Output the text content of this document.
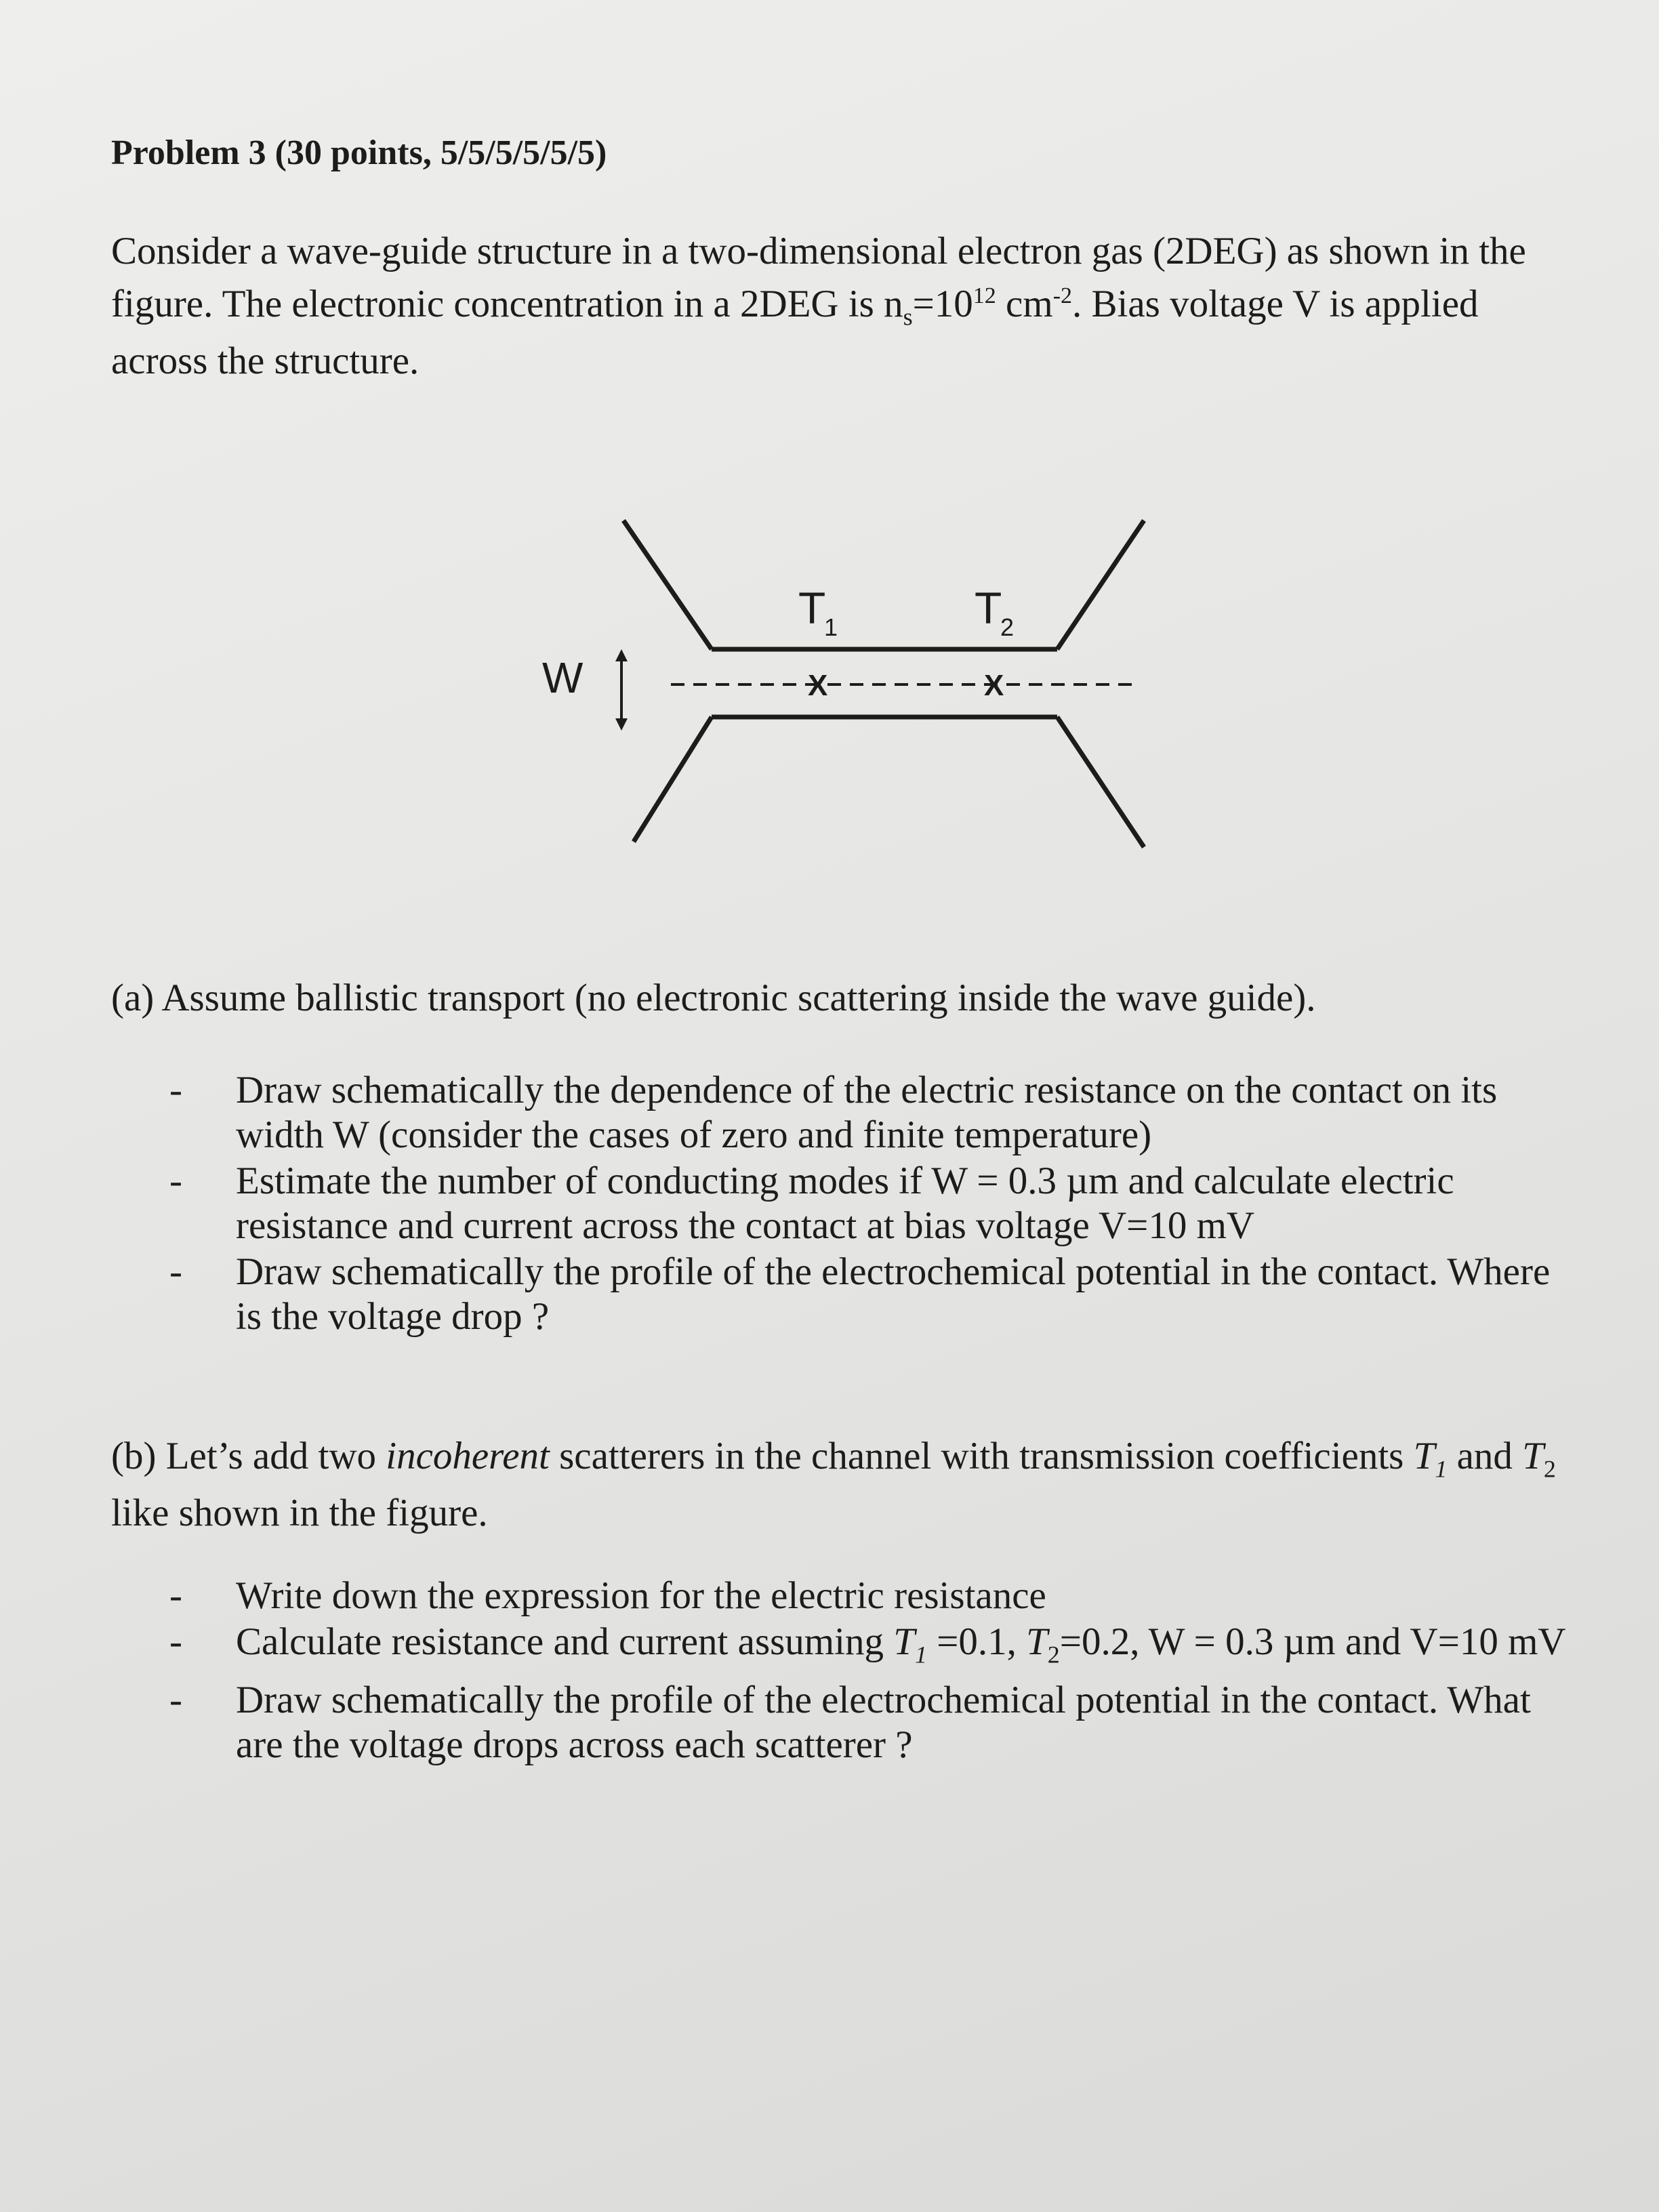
Problem 3 (30 points, 5/5/5/5/5/5)
Consider a wave-guide structure in a two-dimensional electron gas (2DEG) as shown in the
figure. The electronic concentration in a 2DEG is $n_s=10^{12}$ $cm^{-2}$. Bias voltage V is applied
across the structure.
W
T
1	T
2
X	X
(a) Assume ballistic transport (no electronic scattering inside the wave guide).
- Draw schematically the dependence of the electric resistance on the contact on its
width W (consider the cases of zero and finite temperature)
- Estimate the number of conducting modes if W = 0.3 µm and calculate electric
resistance and current across the contact at bias voltage V=10 mV
- Draw schematically the profile of the electrochemical potential in the contact. Where
is the voltage drop ?
(b) Let’s add two incoherent scatterers in the channel with transmission coefficients $T_1$ and $T_2$
like shown in the figure.
- Write down the expression for the electric resistance
- Calculate resistance and current assuming $T_1 =0.1$, $T_2=0.2$, W = 0.3 µm and V=10 mV
- Draw schematically the profile of the electrochemical potential in the contact. What
are the voltage drops across each scatterer ?
